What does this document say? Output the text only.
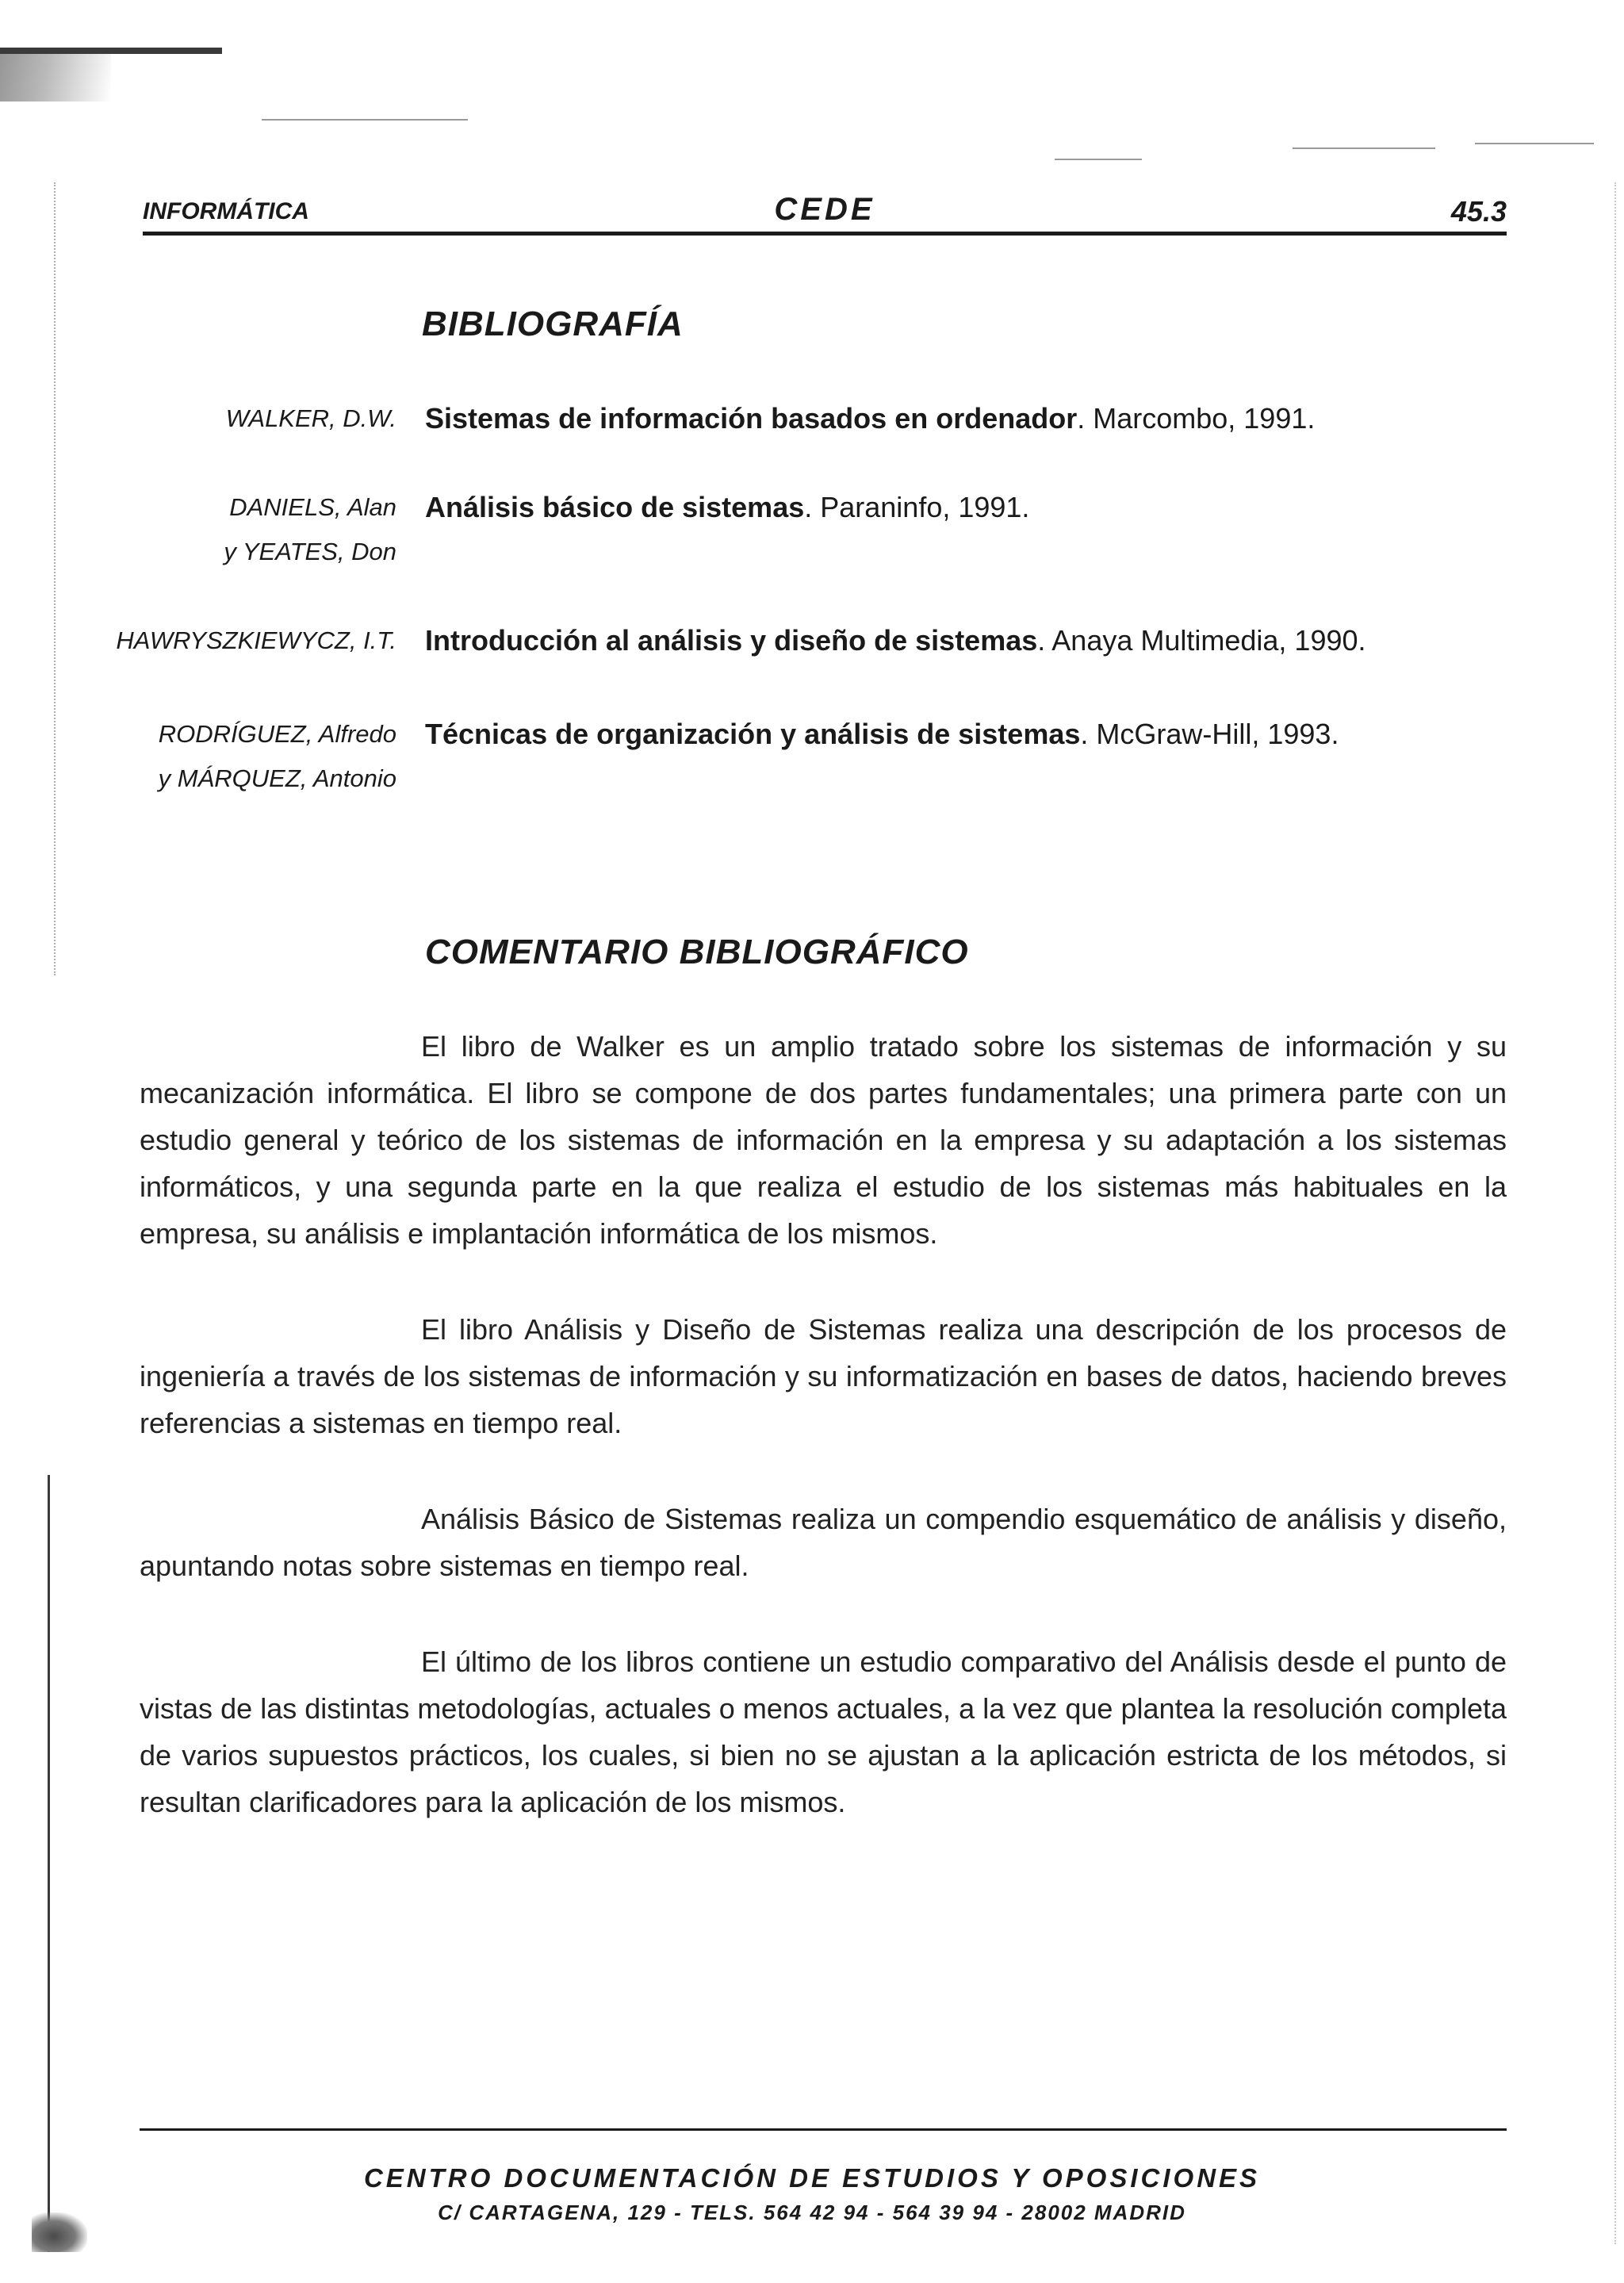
INFORMÁTICA	CEDE	45.3
BIBLIOGRAFÍA
WALKER, D.W. Sistemas de información basados en ordenador. Marcombo, 1991.
DANIELS, Alan
y YEATES, Don
Análisis básico de sistemas. Paraninfo, 1991.
HAWRYSZKIEWYCZ, I.T. Introducción al análisis y diseño de sistemas. Anaya Multimedia, 1990.
RODRÍGUEZ, Alfredo
y MÁRQUEZ, Antonio
Técnicas de organización y análisis de sistemas. McGraw-Hill, 1993.
COMENTARIO BIBLIOGRÁFICO

El libro de Walker es un amplio tratado sobre los sistemas de información y su mecanización informática. El libro se compone de dos partes fundamentales; una primera parte con un estudio general y teórico de los sistemas de información en la empresa y su adaptación a los sistemas informáticos, y una segunda parte en la que realiza el estudio de los sistemas más habituales en la empresa, su análisis e implantación informática de los mismos.

El libro Análisis y Diseño de Sistemas realiza una descripción de los procesos de ingeniería a través de los sistemas de información y su informatización en bases de datos, haciendo breves referencias a sistemas en tiempo real.

Análisis Básico de Sistemas realiza un compendio esquemático de análisis y diseño, apuntando notas sobre sistemas en tiempo real.

El último de los libros contiene un estudio comparativo del Análisis desde el punto de vistas de las distintas metodologías, actuales o menos actuales, a la vez que plantea la resolución completa de varios supuestos prácticos, los cuales, si bien no se ajustan a la aplicación estricta de los métodos, si resultan clarificadores para la aplicación de los mismos.

CENTRO DOCUMENTACIÓN DE ESTUDIOS Y OPOSICIONES
C/ CARTAGENA, 129 - TELS. 564 42 94 - 564 39 94 - 28002 MADRID
